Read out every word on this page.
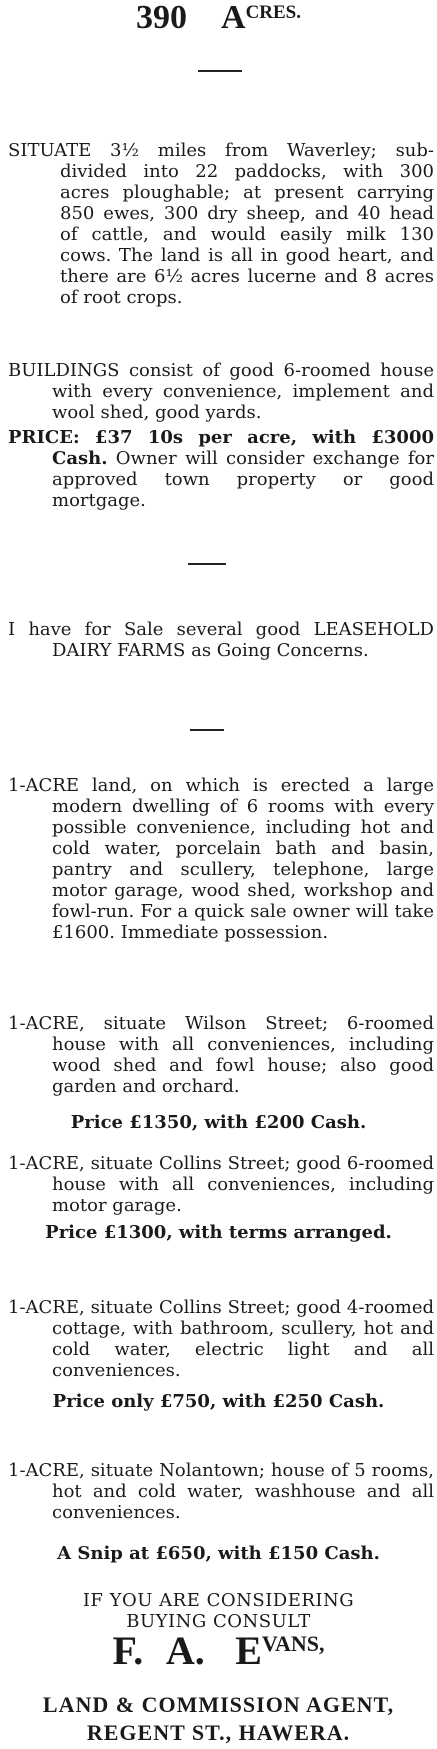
390 ACRES.
SITUATE 3½ miles from Waverley; sub-divided into 22 paddocks, with 300 acres ploughable; at present carrying 850 ewes, 300 dry sheep, and 40 head of cattle, and would easily milk 130 cows. The land is all in good heart, and there are 6½ acres lucerne and 8 acres of root crops.
BUILDINGS consist of good 6-roomed house with every convenience, implement and wool shed, good yards.
PRICE: £37 10s per acre, with £3000 Cash. Owner will consider exchange for approved town property or good mortgage.
I have for Sale several good LEASEHOLD DAIRY FARMS as Going Concerns.
1-ACRE land, on which is erected a large modern dwelling of 6 rooms with every possible convenience, including hot and cold water, porcelain bath and basin, pantry and scullery, telephone, large motor garage, wood shed, workshop and fowl-run. For a quick sale owner will take £1600. Immediate possession.
1-ACRE, situate Wilson Street; 6-roomed house with all conveniences, including wood shed and fowl house; also good garden and orchard.
Price £1350, with £200 Cash.
1-ACRE, situate Collins Street; good 6-roomed house with all conveniences, including motor garage.
Price £1300, with terms arranged.
1-ACRE, situate Collins Street; good 4-roomed cottage, with bathroom, scullery, hot and cold water, electric light and all conveniences.
Price only £750, with £250 Cash.
1-ACRE, situate Nolantown; house of 5 rooms, hot and cold water, washhouse and all conveniences.
A Snip at £650, with £150 Cash.
IF YOU ARE CONSIDERING
BUYING CONSULT
F. A. EVANS,
LAND & COMMISSION AGENT,
REGENT ST., HAWERA.
